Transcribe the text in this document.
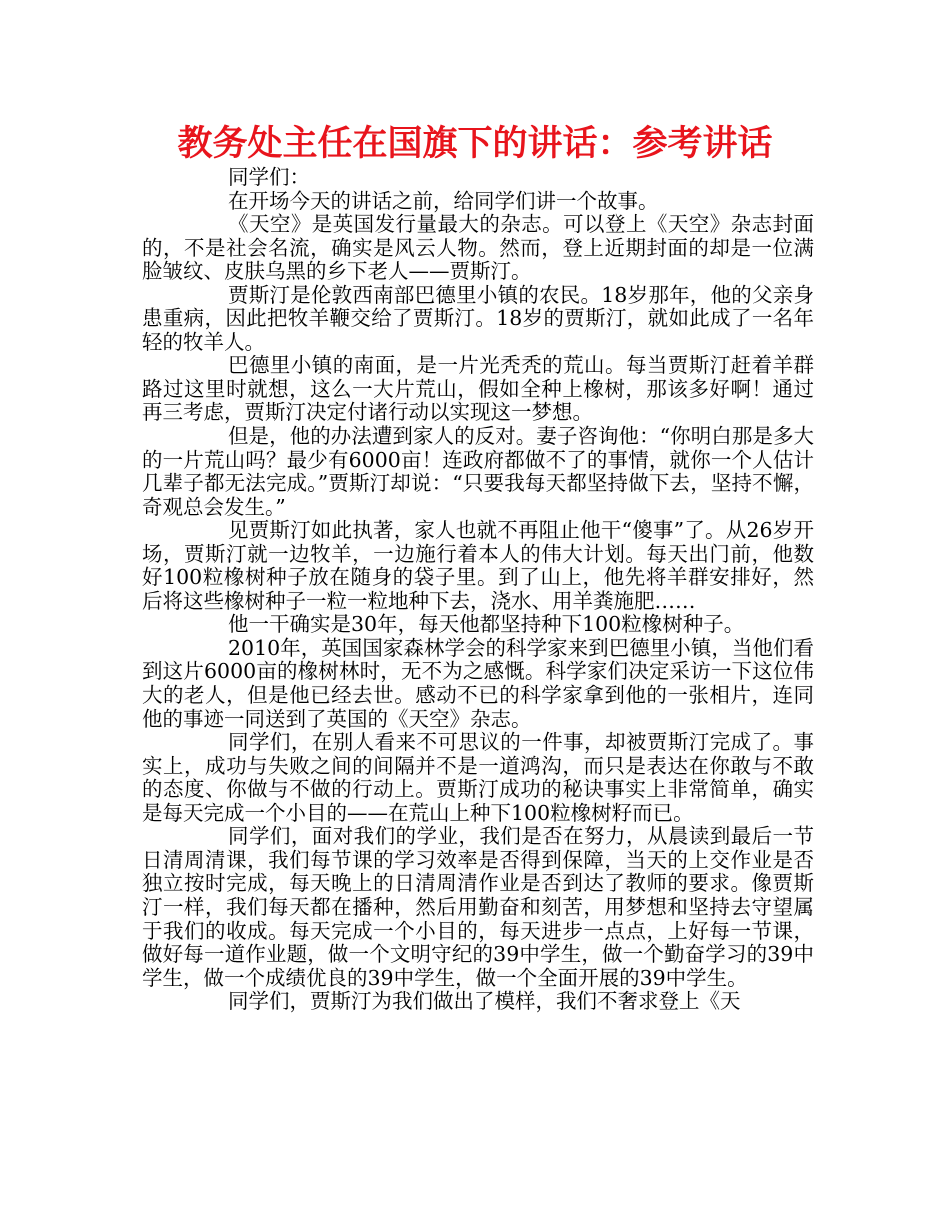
教务处主任在国旗下的讲话：参考讲话

同学们：

在开场今天的讲话之前，给同学们讲一个故事。

《天空》是英国发行量最大的杂志。可以登上《天空》杂志封面的，不是社会名流，确实是风云人物。然而，登上近期封面的却是一位满脸皱纹、皮肤乌黑的乡下老人——贾斯汀。

贾斯汀是伦敦西南部巴德里小镇的农民。18岁那年，他的父亲身患重病，因此把牧羊鞭交给了贾斯汀。18岁的贾斯汀，就如此成了一名年轻的牧羊人。

巴德里小镇的南面，是一片光秃秃的荒山。每当贾斯汀赶着羊群路过这里时就想，这么一大片荒山，假如全种上橡树，那该多好啊！通过再三考虑，贾斯汀决定付诸行动以实现这一梦想。

但是，他的办法遭到家人的反对。妻子咨询他：“你明白那是多大的一片荒山吗？最少有6000亩！连政府都做不了的事情，就你一个人估计几辈子都无法完成。”贾斯汀却说：“只要我每天都坚持做下去，坚持不懈，奇观总会发生。”

见贾斯汀如此执著，家人也就不再阻止他干“傻事”了。从26岁开场，贾斯汀就一边牧羊，一边施行着本人的伟大计划。每天出门前，他数好100粒橡树种子放在随身的袋子里。到了山上，他先将羊群安排好，然后将这些橡树种子一粒一粒地种下去，浇水、用羊粪施肥……

他一干确实是30年，每天他都坚持种下100粒橡树种子。

2010年，英国国家森林学会的科学家来到巴德里小镇，当他们看到这片6000亩的橡树林时，无不为之感慨。科学家们决定采访一下这位伟大的老人，但是他已经去世。感动不已的科学家拿到他的一张相片，连同他的事迹一同送到了英国的《天空》杂志。

同学们，在别人看来不可思议的一件事，却被贾斯汀完成了。事实上，成功与失败之间的间隔并不是一道鸿沟，而只是表达在你敢与不敢的态度、你做与不做的行动上。贾斯汀成功的秘诀事实上非常简单，确实是每天完成一个小目的——在荒山上种下100粒橡树籽而已。

同学们，面对我们的学业，我们是否在努力，从晨读到最后一节日清周清课，我们每节课的学习效率是否得到保障，当天的上交作业是否独立按时完成，每天晚上的日清周清作业是否到达了教师的要求。像贾斯汀一样，我们每天都在播种，然后用勤奋和刻苦，用梦想和坚持去守望属于我们的收成。每天完成一个小目的，每天进步一点点，上好每一节课，做好每一道作业题，做一个文明守纪的39中学生，做一个勤奋学习的39中学生，做一个成绩优良的39中学生，做一个全面开展的39中学生。

同学们，贾斯汀为我们做出了模样，我们不奢求登上《天
